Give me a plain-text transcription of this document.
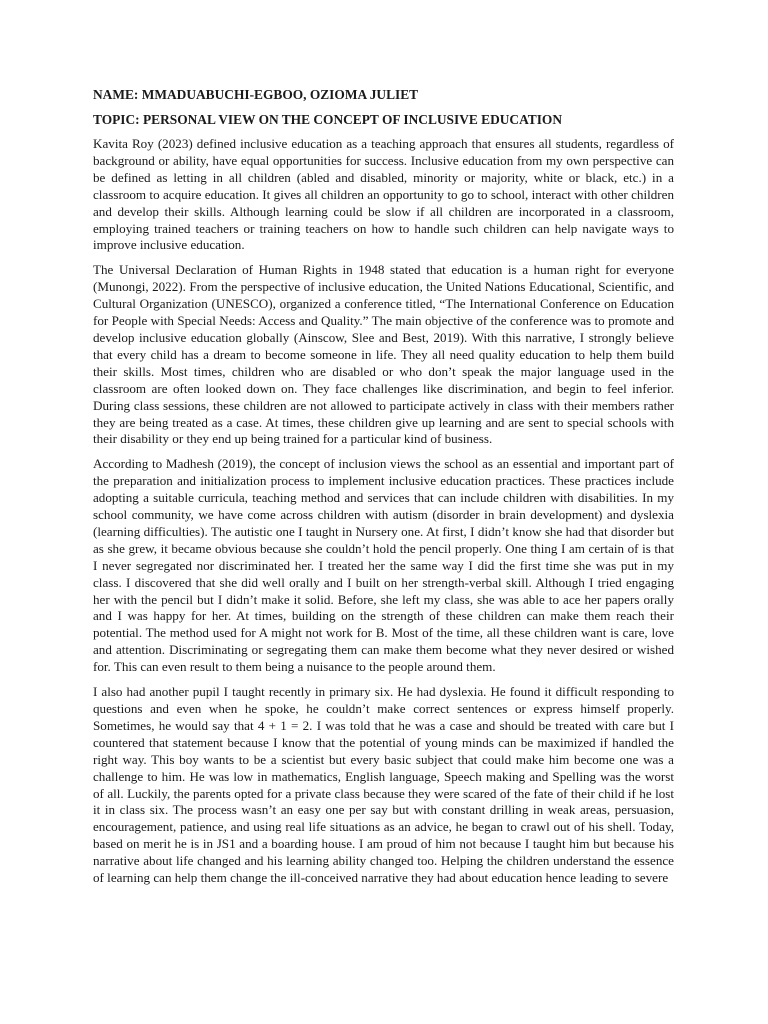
NAME: MMADUABUCHI-EGBOO, OZIOMA JULIET
TOPIC: PERSONAL VIEW ON THE CONCEPT OF INCLUSIVE EDUCATION

Kavita Roy (2023) defined inclusive education as a teaching approach that ensures all students, regardless of background or ability, have equal opportunities for success. Inclusive education from my own perspective can be defined as letting in all children (abled and disabled, minority or majority, white or black, etc.) in a classroom to acquire education. It gives all children an opportunity to go to school, interact with other children and develop their skills. Although learning could be slow if all children are incorporated in a classroom, employing trained teachers or training teachers on how to handle such children can help navigate ways to improve inclusive education.

The Universal Declaration of Human Rights in 1948 stated that education is a human right for everyone (Munongi, 2022). From the perspective of inclusive education, the United Nations Educational, Scientific, and Cultural Organization (UNESCO), organized a conference titled, “The International Conference on Education for People with Special Needs: Access and Quality.” The main objective of the conference was to promote and develop inclusive education globally (Ainscow, Slee and Best, 2019). With this narrative, I strongly believe that every child has a dream to become someone in life. They all need quality education to help them build their skills. Most times, children who are disabled or who don’t speak the major language used in the classroom are often looked down on. They face challenges like discrimination, and begin to feel inferior. During class sessions, these children are not allowed to participate actively in class with their members rather they are being treated as a case. At times, these children give up learning and are sent to special schools with their disability or they end up being trained for a particular kind of business.

According to Madhesh (2019), the concept of inclusion views the school as an essential and important part of the preparation and initialization process to implement inclusive education practices. These practices include adopting a suitable curricula, teaching method and services that can include children with disabilities. In my school community, we have come across children with autism (disorder in brain development) and dyslexia (learning difficulties). The autistic one I taught in Nursery one. At first, I didn’t know she had that disorder but as she grew, it became obvious because she couldn’t hold the pencil properly. One thing I am certain of is that I never segregated nor discriminated her. I treated her the same way I did the first time she was put in my class. I discovered that she did well orally and I built on her strength-verbal skill. Although I tried engaging her with the pencil but I didn’t make it solid. Before, she left my class, she was able to ace her papers orally and I was happy for her. At times, building on the strength of these children can make them reach their potential. The method used for A might not work for B. Most of the time, all these children want is care, love and attention. Discriminating or segregating them can make them become what they never desired or wished for. This can even result to them being a nuisance to the people around them.

I also had another pupil I taught recently in primary six. He had dyslexia. He found it difficult responding to questions and even when he spoke, he couldn’t make correct sentences or express himself properly. Sometimes, he would say that 4 + 1 = 2. I was told that he was a case and should be treated with care but I countered that statement because I know that the potential of young minds can be maximized if handled the right way. This boy wants to be a scientist but every basic subject that could make him become one was a challenge to him. He was low in mathematics, English language, Speech making and Spelling was the worst of all. Luckily, the parents opted for a private class because they were scared of the fate of their child if he lost it in class six. The process wasn’t an easy one per say but with constant drilling in weak areas, persuasion, encouragement, patience, and using real life situations as an advice, he began to crawl out of his shell. Today, based on merit he is in JS1 and a boarding house. I am proud of him not because I taught him but because his narrative about life changed and his learning ability changed too. Helping the children understand the essence of learning can help them change the ill-conceived narrative they had about education hence leading to severe
